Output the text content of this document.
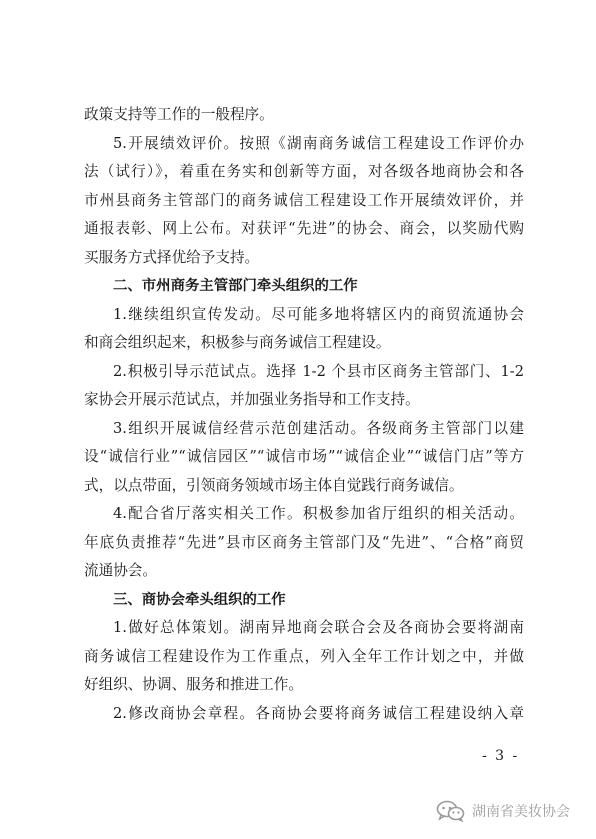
政策支持等工作的一般程序。
5.开展绩效评价。按照《湖南商务诚信工程建设工作评价办
法（试行）》，着重在务实和创新等方面，对各级各地商协会和各
市州县商务主管部门的商务诚信工程建设工作开展绩效评价，并
通报表彰、网上公布。对获评“先进”的协会、商会，以奖励代购
买服务方式择优给予支持。
二、市州商务主管部门牵头组织的工作
1.继续组织宣传发动。尽可能多地将辖区内的商贸流通协会
和商会组织起来，积极参与商务诚信工程建设。
2.积极引导示范试点。选择 1-2 个县市区商务主管部门、1-2
家协会开展示范试点，并加强业务指导和工作支持。
3.组织开展诚信经营示范创建活动。各级商务主管部门以建
设“诚信行业”“诚信园区”“诚信市场”“诚信企业”“诚信门店”等方
式，以点带面，引领商务领域市场主体自觉践行商务诚信。
4.配合省厅落实相关工作。积极参加省厅组织的相关活动。
年底负责推荐“先进”县市区商务主管部门及“先进”、“合格”商贸
流通协会。
三、商协会牵头组织的工作
1.做好总体策划。湖南异地商会联合会及各商协会要将湖南
商务诚信工程建设作为工作重点，列入全年工作计划之中，并做
好组织、协调、服务和推进工作。
2.修改商协会章程。各商协会要将商务诚信工程建设纳入章
- 3 -
湖南省美妆协会
